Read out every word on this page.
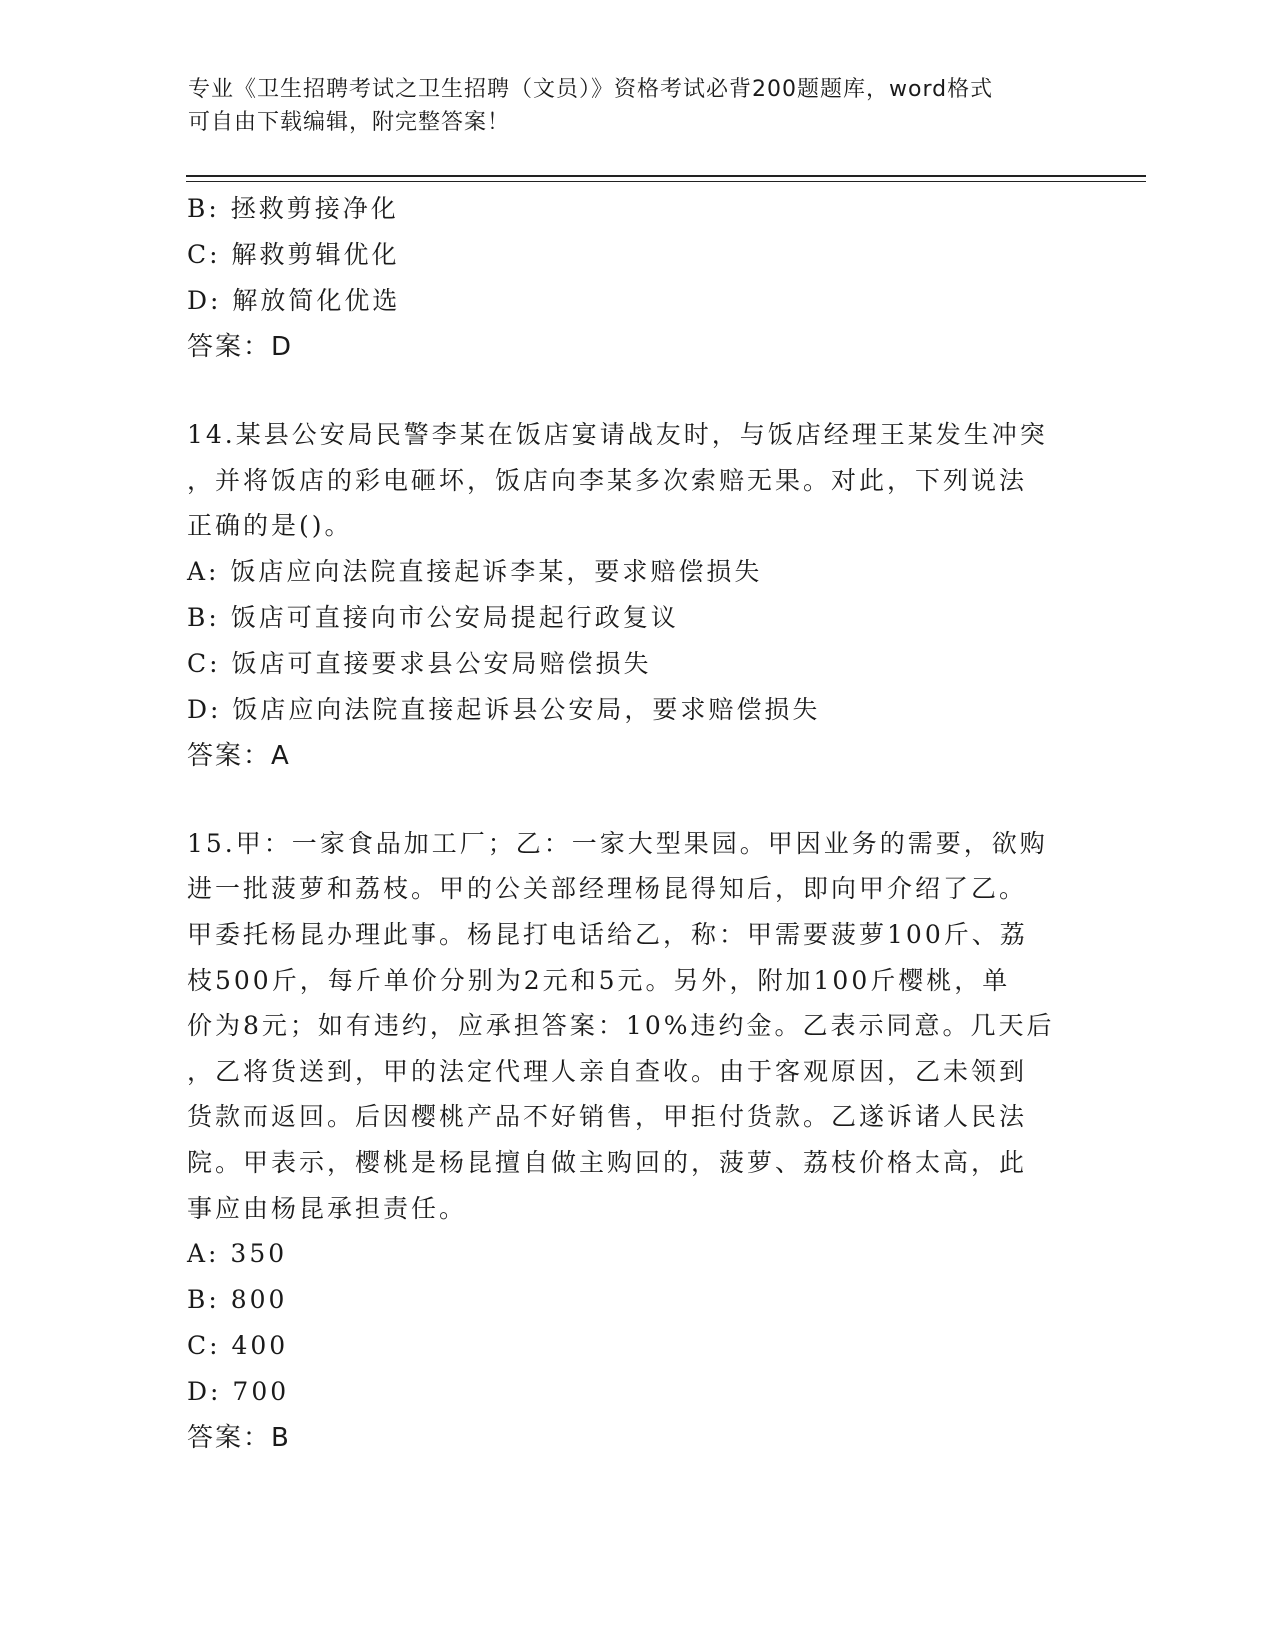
专业《卫生招聘考试之卫生招聘（文员）》资格考试必背200题题库，word格式
可自由下载编辑，附完整答案！
B: 拯救剪接净化
C: 解救剪辑优化
D: 解放简化优选
答案：D
14.某县公安局民警李某在饭店宴请战友时，与饭店经理王某发生冲突
，并将饭店的彩电砸坏，饭店向李某多次索赔无果。对此，下列说法
正确的是()。
A: 饭店应向法院直接起诉李某，要求赔偿损失
B: 饭店可直接向市公安局提起行政复议
C: 饭店可直接要求县公安局赔偿损失
D: 饭店应向法院直接起诉县公安局，要求赔偿损失
答案：A
15.甲：一家食品加工厂；乙：一家大型果园。甲因业务的需要，欲购
进一批菠萝和荔枝。甲的公关部经理杨昆得知后，即向甲介绍了乙。
甲委托杨昆办理此事。杨昆打电话给乙，称：甲需要菠萝100斤、荔
枝500斤，每斤单价分别为2元和5元。另外，附加100斤樱桃，单
价为8元；如有违约，应承担答案：10%违约金。乙表示同意。几天后
，乙将货送到，甲的法定代理人亲自查收。由于客观原因，乙未领到
货款而返回。后因樱桃产品不好销售，甲拒付货款。乙遂诉诸人民法
院。甲表示，樱桃是杨昆擅自做主购回的，菠萝、荔枝价格太高，此
事应由杨昆承担责任。
A: 350
B: 800
C: 400
D: 700
答案：B
